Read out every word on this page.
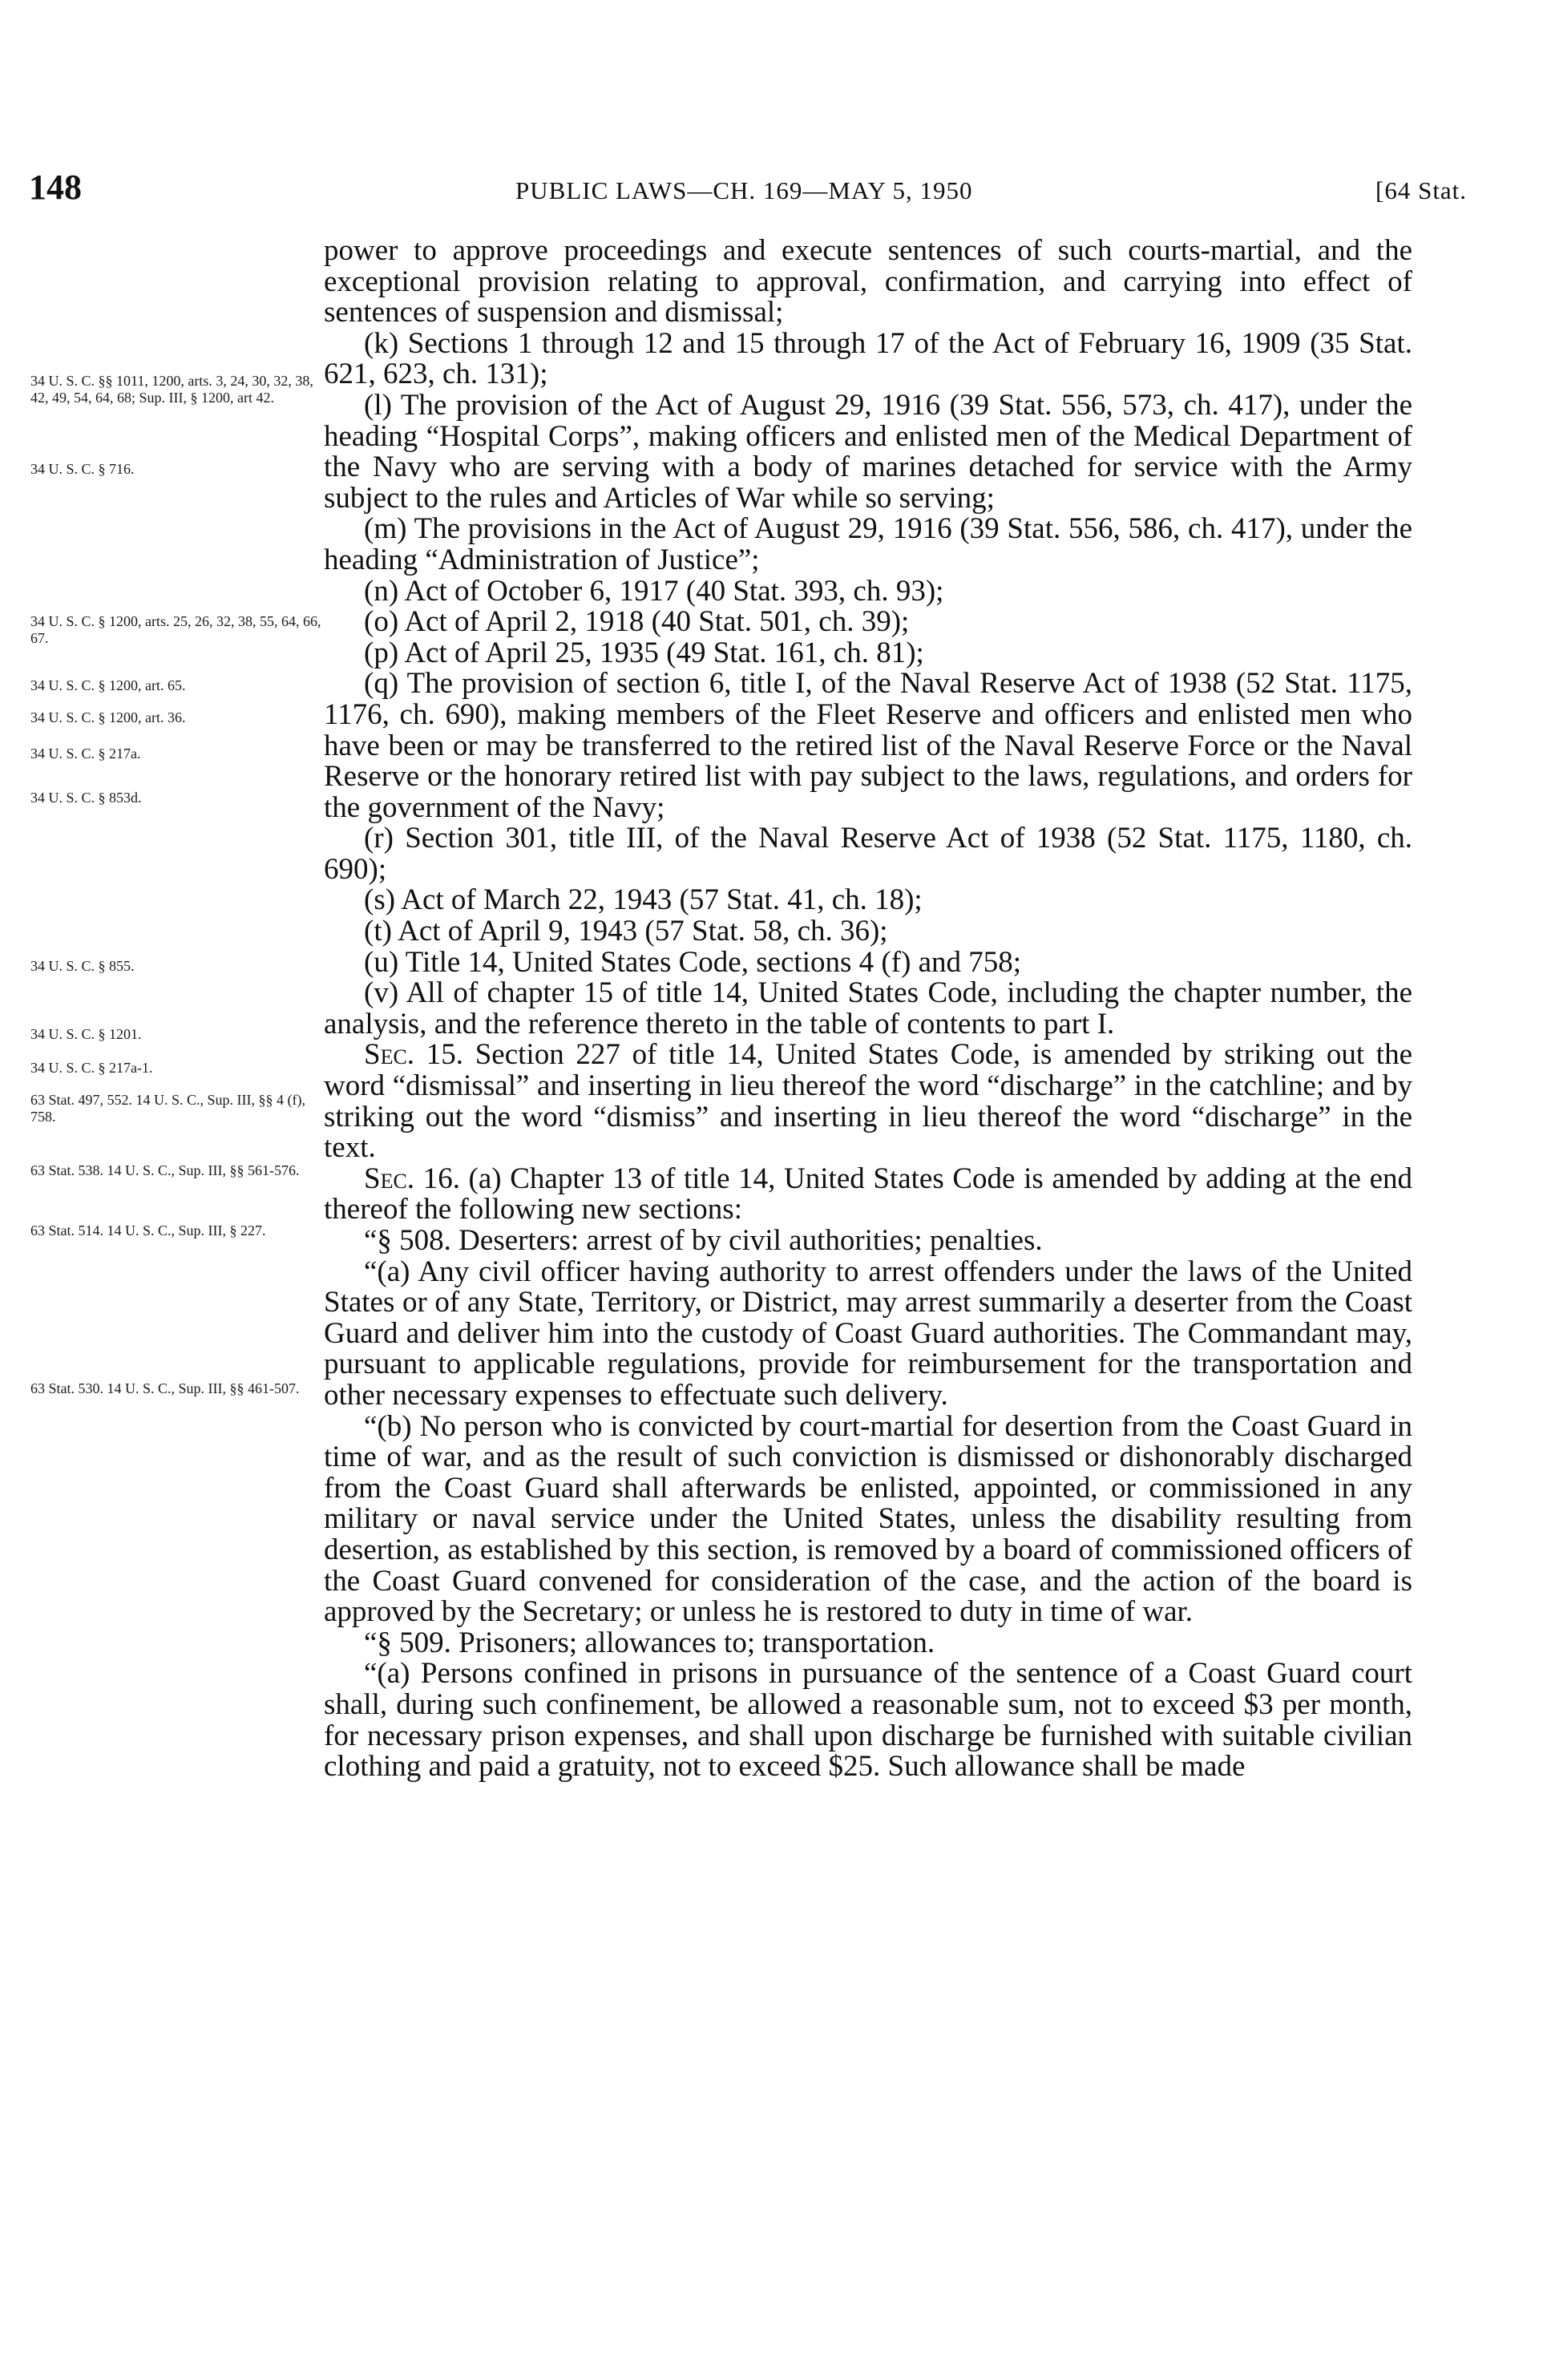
148	PUBLIC LAWS—CH. 169—MAY 5, 1950	[64 Stat.
34 U. S. C. §§ 1011, 1200, arts. 3, 24, 30, 32, 38, 42, 49, 54, 64, 68; Sup. III, § 1200, art 42.
34 U. S. C. § 716.
34 U. S. C. § 1200, arts. 25, 26, 32, 38, 55, 64, 66, 67.
34 U. S. C. § 1200, art. 65.
34 U. S. C. § 1200, art. 36.
34 U. S. C. § 217a.
34 U. S. C. § 853d.
34 U. S. C. § 855.
34 U. S. C. § 1201.
34 U. S. C. § 217a-1.
63 Stat. 497, 552. 14 U. S. C., Sup. III, §§ 4 (f), 758.
63 Stat. 538. 14 U. S. C., Sup. III, §§ 561-576.
63 Stat. 514. 14 U. S. C., Sup. III, § 227.
63 Stat. 530. 14 U. S. C., Sup. III, §§ 461-507.

power to approve proceedings and execute sentences of such courts-martial, and the exceptional provision relating to approval, confirmation, and carrying into effect of sentences of suspension and dismissal;

(k) Sections 1 through 12 and 15 through 17 of the Act of February 16, 1909 (35 Stat. 621, 623, ch. 131);

(l) The provision of the Act of August 29, 1916 (39 Stat. 556, 573, ch. 417), under the heading “Hospital Corps”, making officers and enlisted men of the Medical Department of the Navy who are serving with a body of marines detached for service with the Army subject to the rules and Articles of War while so serving;

(m) The provisions in the Act of August 29, 1916 (39 Stat. 556, 586, ch. 417), under the heading “Administration of Justice”;

(n) Act of October 6, 1917 (40 Stat. 393, ch. 93);

(o) Act of April 2, 1918 (40 Stat. 501, ch. 39);

(p) Act of April 25, 1935 (49 Stat. 161, ch. 81);

(q) The provision of section 6, title I, of the Naval Reserve Act of 1938 (52 Stat. 1175, 1176, ch. 690), making members of the Fleet Reserve and officers and enlisted men who have been or may be transferred to the retired list of the Naval Reserve Force or the Naval Reserve or the honorary retired list with pay subject to the laws, regulations, and orders for the government of the Navy;

(r) Section 301, title III, of the Naval Reserve Act of 1938 (52 Stat. 1175, 1180, ch. 690);

(s) Act of March 22, 1943 (57 Stat. 41, ch. 18);

(t) Act of April 9, 1943 (57 Stat. 58, ch. 36);

(u) Title 14, United States Code, sections 4 (f) and 758;

(v) All of chapter 15 of title 14, United States Code, including the chapter number, the analysis, and the reference thereto in the table of contents to part I.

Sec. 15. Section 227 of title 14, United States Code, is amended by striking out the word “dismissal” and inserting in lieu thereof the word “discharge” in the catchline; and by striking out the word “dismiss” and inserting in lieu thereof the word “discharge” in the text.

Sec. 16. (a) Chapter 13 of title 14, United States Code is amended by adding at the end thereof the following new sections:

“§ 508. Deserters: arrest of by civil authorities; penalties.

“(a) Any civil officer having authority to arrest offenders under the laws of the United States or of any State, Territory, or District, may arrest summarily a deserter from the Coast Guard and deliver him into the custody of Coast Guard authorities. The Commandant may, pursuant to applicable regulations, provide for reimbursement for the transportation and other necessary expenses to effectuate such delivery.

“(b) No person who is convicted by court-martial for desertion from the Coast Guard in time of war, and as the result of such conviction is dismissed or dishonorably discharged from the Coast Guard shall afterwards be enlisted, appointed, or commissioned in any military or naval service under the United States, unless the disability resulting from desertion, as established by this section, is removed by a board of commissioned officers of the Coast Guard convened for consideration of the case, and the action of the board is approved by the Secretary; or unless he is restored to duty in time of war.

“§ 509. Prisoners; allowances to; transportation.

“(a) Persons confined in prisons in pursuance of the sentence of a Coast Guard court shall, during such confinement, be allowed a reasonable sum, not to exceed $3 per month, for necessary prison expenses, and shall upon discharge be furnished with suitable civilian clothing and paid a gratuity, not to exceed $25. Such allowance shall be made
